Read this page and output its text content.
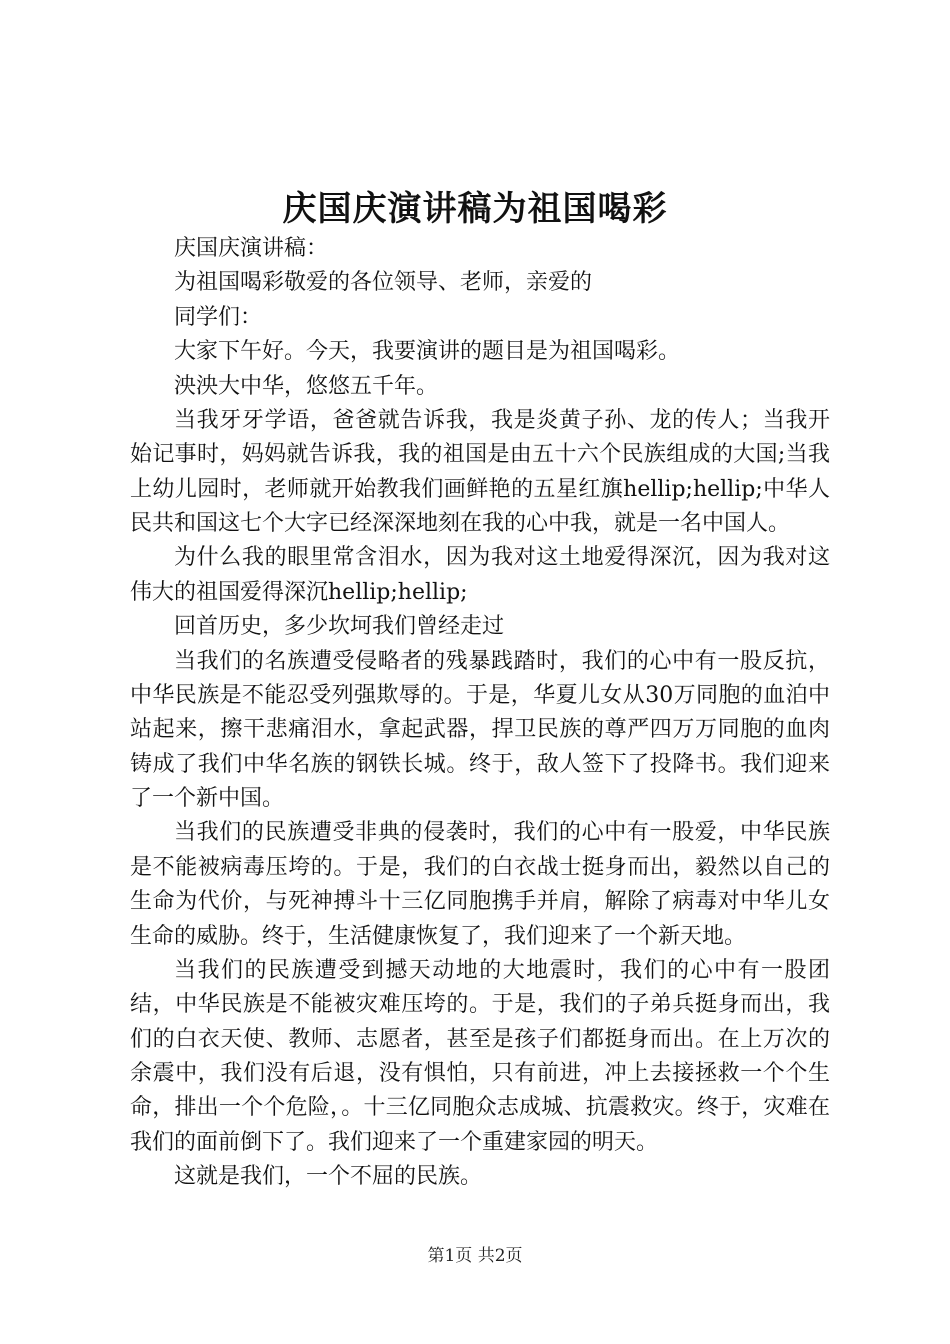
庆国庆演讲稿为祖国喝彩

庆国庆演讲稿：

为祖国喝彩敬爱的各位领导、老师，亲爱的

同学们：

大家下午好。今天，我要演讲的题目是为祖国喝彩。

泱泱大中华，悠悠五千年。

当我牙牙学语，爸爸就告诉我，我是炎黄子孙、龙的传人；当我开始记事时，妈妈就告诉我，我的祖国是由五十六个民族组成的大国;当我上幼儿园时，老师就开始教我们画鲜艳的五星红旗hellip;hellip;中华人民共和国这七个大字已经深深地刻在我的心中我，就是一名中国人。

为什么我的眼里常含泪水，因为我对这土地爱得深沉，因为我对这伟大的祖国爱得深沉hellip;hellip;

回首历史，多少坎坷我们曾经走过

当我们的名族遭受侵略者的残暴践踏时，我们的心中有一股反抗，中华民族是不能忍受列强欺辱的。于是，华夏儿女从30万同胞的血泊中站起来，擦干悲痛泪水，拿起武器，捍卫民族的尊严四万万同胞的血肉铸成了我们中华名族的钢铁长城。终于，敌人签下了投降书。我们迎来了一个新中国。

当我们的民族遭受非典的侵袭时，我们的心中有一股爱，中华民族是不能被病毒压垮的。于是，我们的白衣战士挺身而出，毅然以自己的生命为代价，与死神搏斗十三亿同胞携手并肩，解除了病毒对中华儿女生命的威胁。终于，生活健康恢复了，我们迎来了一个新天地。

当我们的民族遭受到撼天动地的大地震时，我们的心中有一股团结，中华民族是不能被灾难压垮的。于是，我们的子弟兵挺身而出，我们的白衣天使、教师、志愿者，甚至是孩子们都挺身而出。在上万次的余震中，我们没有后退，没有惧怕，只有前进，冲上去接拯救一个个生命，排出一个个危险，。十三亿同胞众志成城、抗震救灾。终于，灾难在我们的面前倒下了。我们迎来了一个重建家园的明天。

这就是我们，一个不屈的民族。

第1页 共2页
